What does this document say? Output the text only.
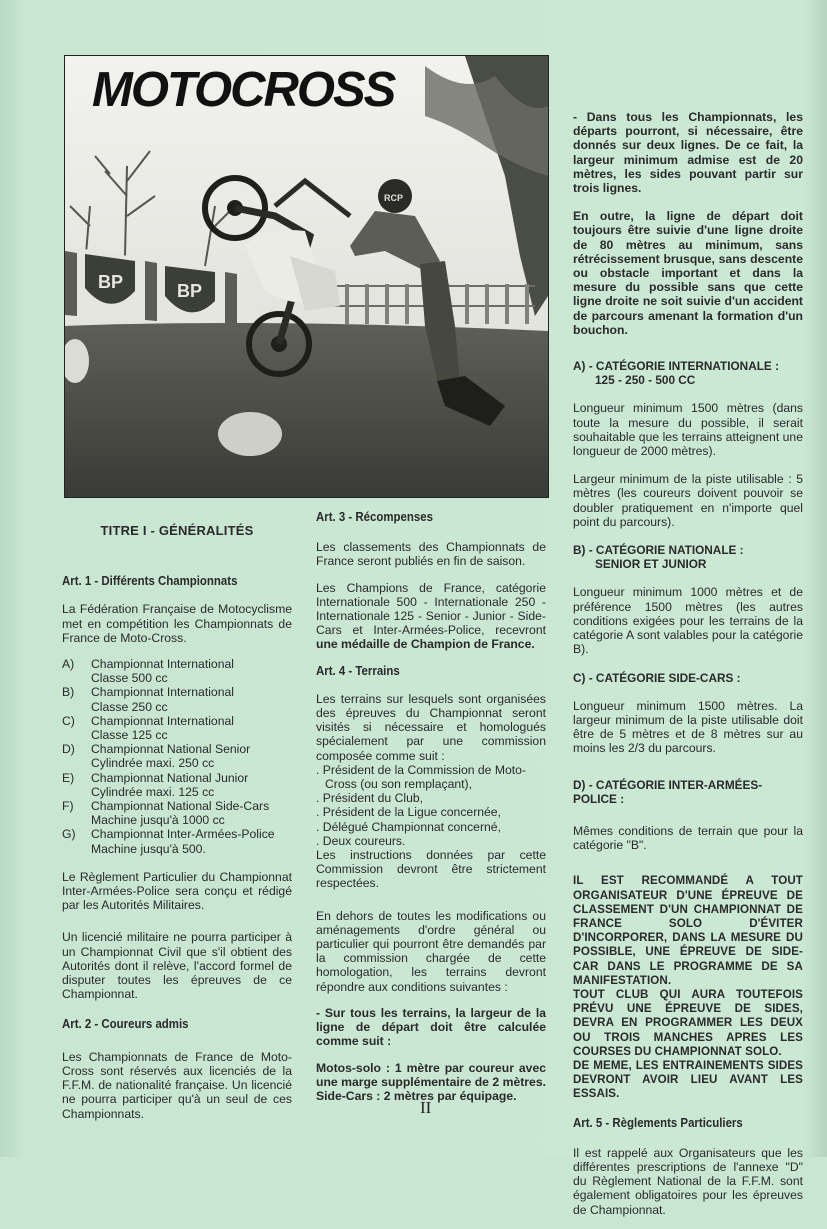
BP	BP
RCP
MOTOCROSS
TITRE I - GÉNÉRALITÉS
Art. 1 - Différents Championnats

La Fédération Française de Motocyclisme met en compétition les Championnats de France de Moto-Cross.

A)	Championnat International
Classe 500 cc
B)	Championnat International
Classe 250 cc
C)	Championnat International
Classe 125 cc
D)	Championnat National Senior
Cylindrée maxi. 250 cc
E)	Championnat National Junior
Cylindrée maxi. 125 cc
F)	Championnat National Side-Cars
Machine jusqu'à 1000 cc
G)	Championnat Inter-Armées-Police
Machine jusqu'à 500.

Le Règlement Particulier du Championnat Inter-Armées-Police sera conçu et rédigé par les Autorités Militaires.

Un licencié militaire ne pourra participer à un Championnat Civil que s'il obtient des Autorités dont il relève, l'accord formel de disputer toutes les épreuves de ce Championnat.

Art. 2 - Coureurs admis

Les Championnats de France de Moto-Cross sont réservés aux licenciés de la F.F.M. de nationalité française. Un licencié ne pourra participer qu'à un seul de ces Championnats.

Art. 3 - Récompenses

Les classements des Championnats de France seront publiés en fin de saison.

Les Champions de France, catégorie Internationale 500 - Internationale 250 - Internationale 125 - Senior - Junior - Side-Cars et Inter-Armées-Police, recevront une médaille de Champion de France.

Art. 4 - Terrains

Les terrains sur lesquels sont organisées des épreuves du Championnat seront visités si nécessaire et homologués spécialement par une commission composée comme suit :

. Président de la Commission de Moto-Cross (ou son remplaçant),
. Président du Club,
. Président de la Ligue concernée,
. Délégué Championnat concerné,
. Deux coureurs.

Les instructions données par cette Commission devront être strictement respectées.

En dehors de toutes les modifications ou aménagements d'ordre général ou particulier qui pourront être demandés par la commission chargée de cette homologation, les terrains devront répondre aux conditions suivantes :

- Sur tous les terrains, la largeur de la ligne de départ doit être calculée comme suit :

Motos-solo : 1 mètre par coureur avec une marge supplémentaire de 2 mètres. Side-Cars : 2 mètres par équipage.

- Dans tous les Championnats, les départs pourront, si nécessaire, être donnés sur deux lignes. De ce fait, la largeur minimum admise est de 20 mètres, les sides pouvant partir sur trois lignes.

En outre, la ligne de départ doit toujours être suivie d'une ligne droite de 80 mètres au minimum, sans rétrécissement brusque, sans descente ou obstacle important et dans la mesure du possible sans que cette ligne droite ne soit suivie d'un accident de parcours amenant la formation d'un bouchon.

A) - CATÉGORIE INTERNATIONALE :
125 - 250 - 500 CC

Longueur minimum 1500 mètres (dans toute la mesure du possible, il serait souhaitable que les terrains atteignent une longueur de 2000 mètres).

Largeur minimum de la piste utilisable : 5 mètres (les coureurs doivent pouvoir se doubler pratiquement en n'importe quel point du parcours).

B) - CATÉGORIE NATIONALE :
SENIOR ET JUNIOR

Longueur minimum 1000 mètres et de préférence 1500 mètres (les autres conditions exigées pour les terrains de la catégorie A sont valables pour la catégorie B).

C) - CATÉGORIE SIDE-CARS :

Longueur minimum 1500 mètres. La largeur minimum de la piste utilisable doit être de 5 mètres et de 8 mètres sur au moins les 2/3 du parcours.

D) - CATÉGORIE INTER-ARMÉES-POLICE :

Mêmes conditions de terrain que pour la catégorie "B".

IL EST RECOMMANDÉ A TOUT ORGANISATEUR D'UNE ÉPREUVE DE CLASSEMENT D'UN CHAMPIONNAT DE FRANCE SOLO D'ÉVITER D'INCORPORER, DANS LA MESURE DU POSSIBLE, UNE ÉPREUVE DE SIDE-CAR DANS LE PROGRAMME DE SA MANIFESTATION.
TOUT CLUB QUI AURA TOUTEFOIS PRÉVU UNE ÉPREUVE DE SIDES, DEVRA EN PROGRAMMER LES DEUX OU TROIS MANCHES APRES LES COURSES DU CHAMPIONNAT SOLO.
DE MEME, LES ENTRAINEMENTS SIDES DEVRONT AVOIR LIEU AVANT LES ESSAIS.
Art. 5 - Règlements Particuliers

Il est rappelé aux Organisateurs que les différentes prescriptions de l'annexe "D" du Règlement National de la F.F.M. sont également obligatoires pour les épreuves de Championnat.

II
